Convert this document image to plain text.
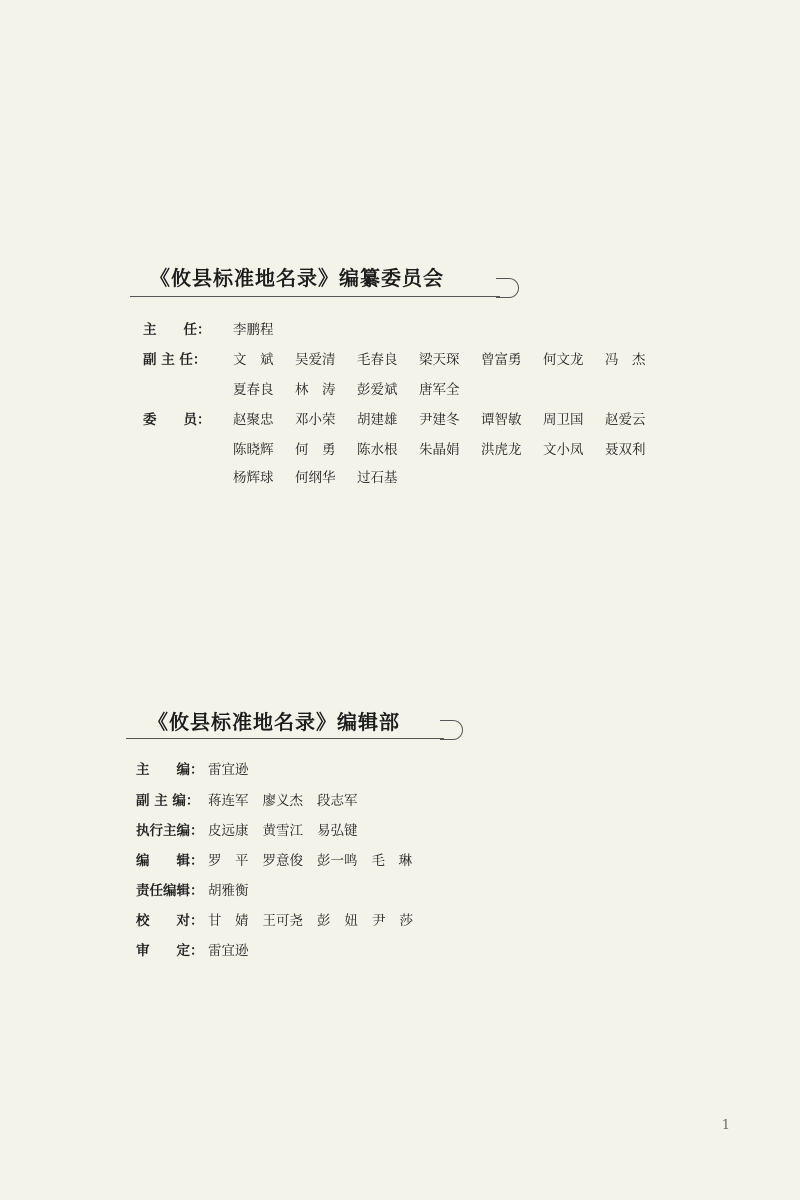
《攸县标准地名录》编纂委员会
主　　任： 李鹏程
副 主 任： 文　斌 吴爱清 毛春良 梁天琛 曾富勇 何文龙 冯　杰
夏春良 林　涛 彭爱斌 唐军全
委　　员： 赵聚忠 邓小荣 胡建雄 尹建冬 谭智敏 周卫国 赵爱云
陈晓辉 何　勇 陈水根 朱晶娟 洪虎龙 文小凤 聂双利
杨辉球 何纲华 过石基
《攸县标准地名录》编辑部
主　　编： 雷宜逊
副 主 编： 蒋连军 廖义杰 段志军
执行主编： 皮远康 黄雪江 易弘键
编　　辑： 罗　平 罗意俊 彭一鸣 毛　琳
责任编辑： 胡雅衡
校　　对： 甘　婧 王可尧 彭 妞 尹 莎
审　　定： 雷宜逊
1
